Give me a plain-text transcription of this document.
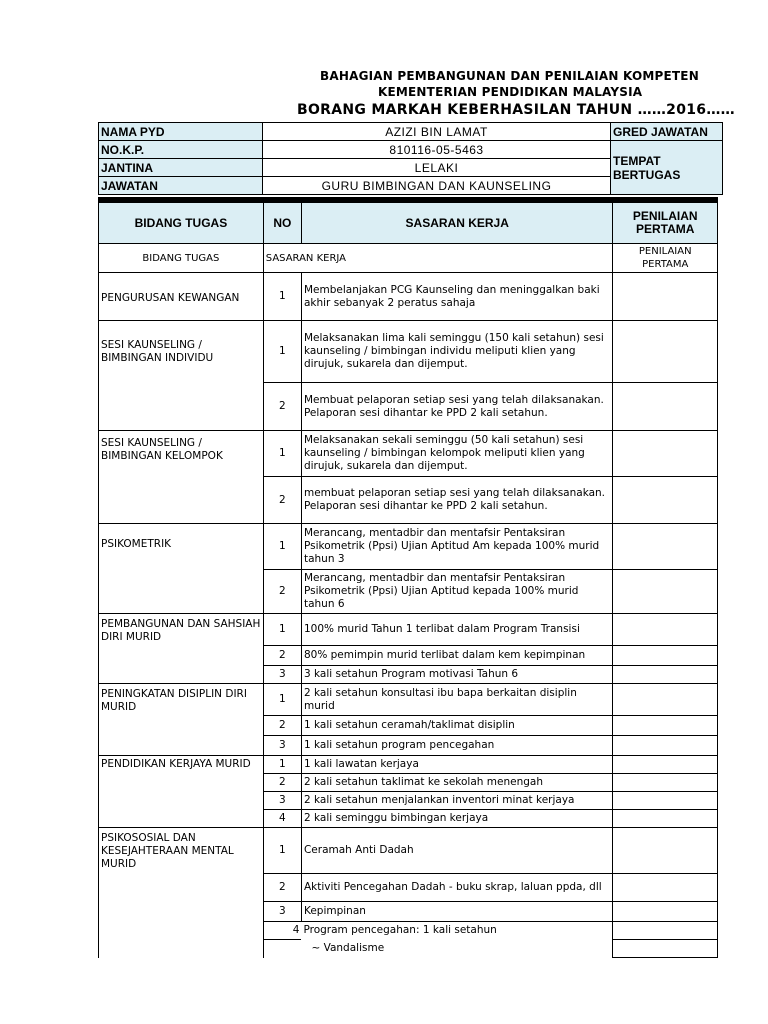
BAHAGIAN PEMBANGUNAN DAN PENILAIAN KOMPETEN
KEMENTERIAN PENDIDIKAN MALAYSIA
BORANG MARKAH KEBERHASILAN TAHUN ……2016……
NAMA PYD	AZIZI BIN LAMAT	GRED JAWATAN
NO.K.P.	810116-05-5463	TEMPAT BERTUGAS
JANTINA	LELAKI	
JAWATAN	GURU BIMBINGAN DAN KAUNSELING	
BIDANG TUGAS	NO	SASARAN KERJA	PENILAIAN PERTAMA
BIDANG TUGAS	SASARAN KERJA		PENILAIAN PERTAMA
PENGURUSAN KEWANGAN	1	Membelanjakan PCG Kaunseling dan meninggalkan baki akhir sebanyak 2 peratus sahaja	
SESI KAUNSELING / BIMBINGAN INDIVIDU	1	Melaksanakan lima kali seminggu (150 kali setahun) sesi kaunseling / bimbingan individu meliputi klien yang dirujuk, sukarela dan dijemput.	
	2	Membuat pelaporan setiap sesi yang telah dilaksanakan. Pelaporan sesi dihantar ke PPD 2 kali setahun.	
SESI KAUNSELING / BIMBINGAN KELOMPOK	1	Melaksanakan sekali seminggu (50 kali setahun) sesi kaunseling / bimbingan kelompok meliputi klien yang dirujuk, sukarela dan dijemput.	
	2	membuat pelaporan setiap sesi yang telah dilaksanakan. Pelaporan sesi dihantar ke PPD 2 kali setahun.	
PSIKOMETRIK	1	Merancang, mentadbir dan mentafsir Pentaksiran Psikometrik (Ppsi) Ujian Aptitud Am kepada 100% murid tahun 3	
	2	Merancang, mentadbir dan mentafsir Pentaksiran Psikometrik (Ppsi) Ujian Aptitud kepada 100% murid tahun 6	
PEMBANGUNAN DAN SAHSIAH DIRI MURID	1	100% murid Tahun 1 terlibat dalam Program Transisi	
	2	80% pemimpin murid terlibat dalam kem kepimpinan	
	3	3 kali setahun Program motivasi Tahun 6	
PENINGKATAN DISIPLIN DIRI MURID	1	2 kali setahun konsultasi ibu bapa berkaitan disiplin murid	
	2	1 kali setahun ceramah/taklimat disiplin	
	3	1 kali setahun program pencegahan	
PENDIDIKAN KERJAYA MURID	1	1 kali lawatan kerjaya	
	2	2 kali setahun taklimat ke sekolah menengah	
	3	2 kali setahun menjalankan inventori minat kerjaya	
	4	2 kali seminggu bimbingan kerjaya	
PSIKOSOSIAL DAN KESEJAHTERAAN MENTAL MURID	1	Ceramah Anti Dadah	
	2	Aktiviti Pencegahan Dadah - buku skrap, laluan ppda, dll	
	3	Kepimpinan	
	4	Program pencegahan: 1 kali setahun	
		~ Vandalisme	
